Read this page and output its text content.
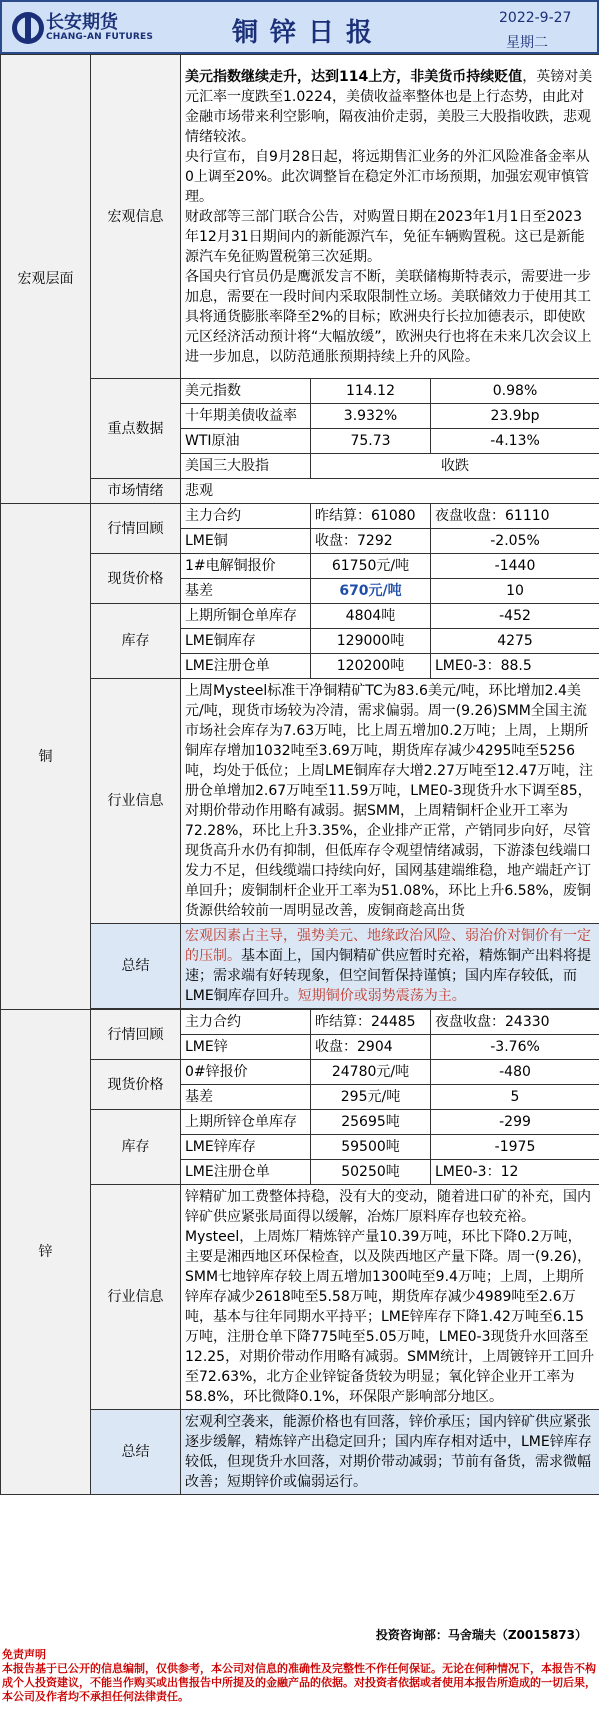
长安期货
CHANG-AN FUTURES	铜锌日报	2022-9-27
星期二
宏观层面	宏观信息	美元指数继续走升，达到114上方，非美货币持续贬值，英镑对美元汇率一度跌至1.0224，美债收益率整体也是上行态势，由此对金融市场带来利空影响，隔夜油价走弱，美股三大股指收跌，悲观情绪较浓。
央行宣布，自9月28日起，将远期售汇业务的外汇风险准备金率从0上调至20%。此次调整旨在稳定外汇市场预期，加强宏观审慎管理。
财政部等三部门联合公告，对购置日期在2023年1月1日至2023年12月31日期间内的新能源汽车，免征车辆购置税。这已是新能源汽车免征购置税第三次延期。
各国央行官员仍是鹰派发言不断，美联储梅斯特表示，需要进一步加息，需要在一段时间内采取限制性立场。美联储效力于使用其工具将通货膨胀率降至2%的目标；欧洲央行长拉加德表示，即使欧元区经济活动预计将“大幅放缓”，欧洲央行也将在未来几次会议上进一步加息，以防范通胀预期持续上升的风险。		
	重点数据	美元指数	114.12	0.98%
		十年期美债收益率	3.932%	23.9bp
		WTI原油	75.73	-4.13%
		美国三大股指	收跌	
	市场情绪	悲观		
铜	行情回顾	主力合约	昨结算：61080	夜盘收盘：61110
		LME铜	收盘：7292	-2.05%
	现货价格	1#电解铜报价	61750元/吨	-1440
		基差	670元/吨	10
	库存	上期所铜仓单库存	4804吨	-452
		LME铜库存	129000吨	4275
		LME注册仓单	120200吨	LME0-3：88.5
	行业信息	上周Mysteel标准干净铜精矿TC为83.6美元/吨，环比增加2.4美元/吨，现货市场较为冷清，需求偏弱。周一(9.26)SMM全国主流市场社会库存为7.63万吨，比上周五增加0.2万吨；上周，上期所铜库存增加1032吨至3.69万吨，期货库存减少4295吨至5256吨，均处于低位；上周LME铜库存大增2.27万吨至12.47万吨，注册仓单增加2.67万吨至11.59万吨，LME0-3现货升水下调至85，对期价带动作用略有减弱。据SMM，上周精铜杆企业开工率为72.28%，环比上升3.35%，企业排产正常，产销同步向好，尽管现货高升水仍有抑制，但低库存令观望情绪减弱，下游漆包线端口发力不足，但线缆端口持续向好，国网基建端维稳，地产端赶产订单回升；废铜制杆企业开工率为51.08%，环比上升6.58%，废铜货源供给较前一周明显改善，废铜商趁高出货		
	总结	宏观因素占主导，强势美元、地缘政治风险、弱治价对铜价有一定的压制。基本面上，国内铜精矿供应暂时充裕，精炼铜产出料将提速；需求端有好转现象，但空间暂保持谨慎；国内库存较低，而LME铜库存回升。短期铜价或弱势震荡为主。		

锌	行情回顾	主力合约	昨结算：24485	夜盘收盘：24330
		LME锌	收盘：2904	-3.76%
	现货价格	0#锌报价	24780元/吨	-480
		基差	295元/吨	5
	库存	上期所锌仓单库存	25695吨	-299
		LME锌库存	59500吨	-1975
		LME注册仓单	50250吨	LME0-3：12
	行业信息	锌精矿加工费整体持稳，没有大的变动，随着进口矿的补充，国内锌矿供应紧张局面得以缓解，冶炼厂原料库存也较充裕。Mysteel，上周炼厂精炼锌产量10.39万吨，环比下降0.2万吨，主要是湘西地区环保检查，以及陕西地区产量下降。周一(9.26)，SMM七地锌库存较上周五增加1300吨至9.4万吨；上周，上期所锌库存减少2618吨至5.58万吨，期货库存减少4989吨至2.6万吨，基本与往年同期水平持平；LME锌库存下降1.42万吨至6.15万吨，注册仓单下降775吨至5.05万吨，LME0-3现货升水回落至12.25，对期价带动作用略有减弱。SMM统计，上周镀锌开工回升至72.63%，北方企业锌锭备货较为明显；氧化锌企业开工率为58.8%，环比微降0.1%，环保限产影响部分地区。		
	总结	宏观利空袭来，能源价格也有回落，锌价承压；国内锌矿供应紧张逐步缓解，精炼锌产出稳定回升；国内库存相对适中，LME锌库存较低，但现货升水回落，对期价带动减弱；节前有备货，需求微幅改善；短期锌价或偏弱运行。		
投资咨询部：马舍瑞夫（Z0015873）
免责声明
本报告基于已公开的信息编制，仅供参考，本公司对信息的准确性及完整性不作任何保证。无论在何种情况下，本报告不构成个人投资建议，不能当作购买或出售报告中所提及的金融产品的依据。对投资者依据或者使用本报告所造成的一切后果，本公司及作者均不承担任何法律责任。
